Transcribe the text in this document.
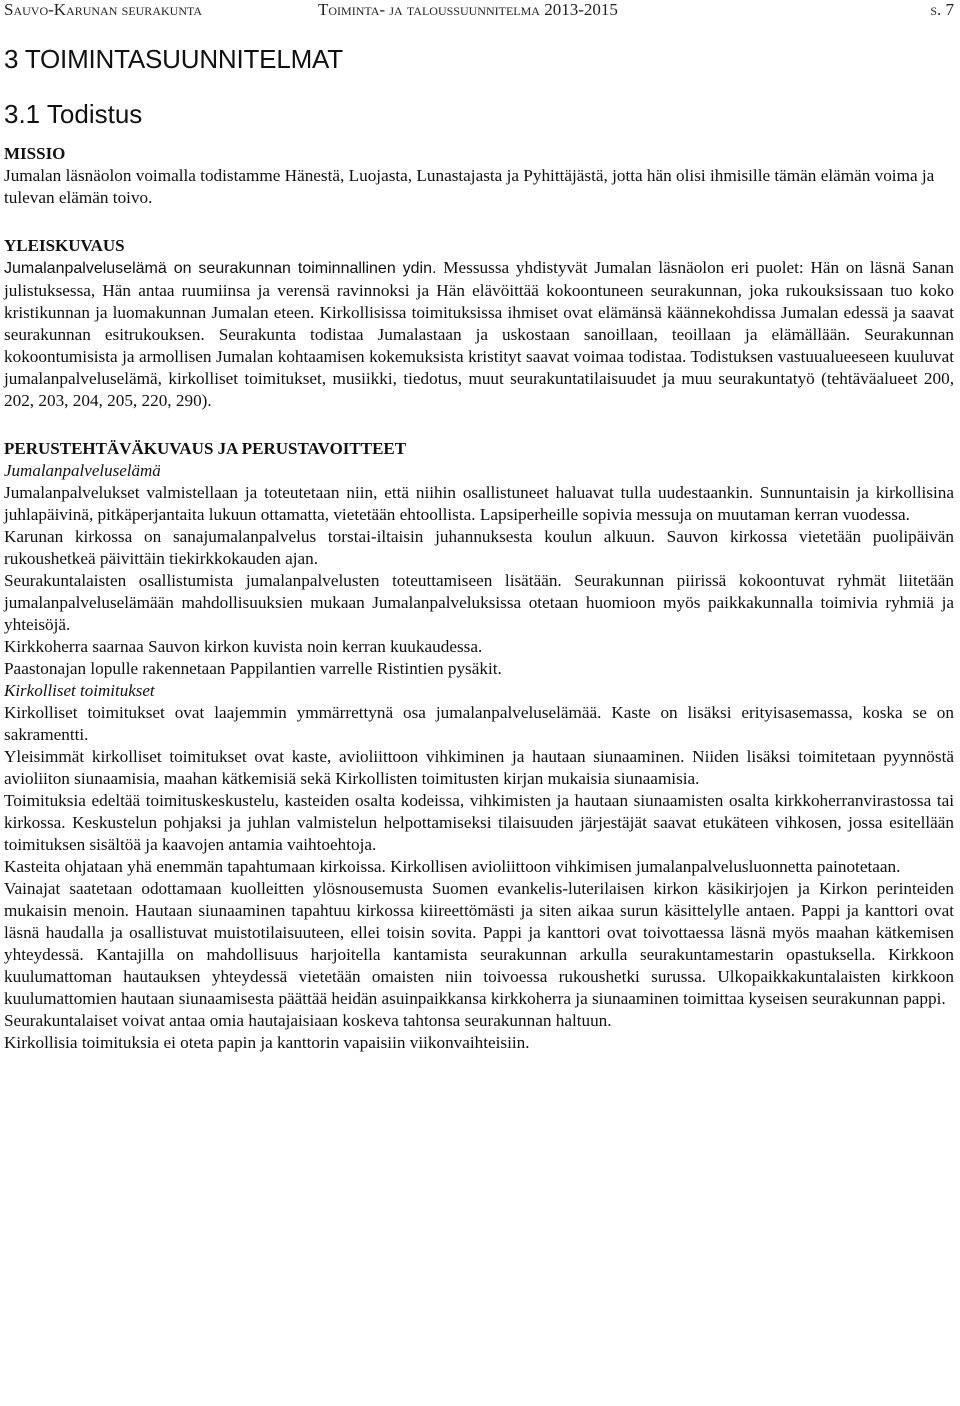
Sauvo-Karunan seurakunta	Toiminta- ja taloussuunnitelma 2013-2015	s. 7
3 TOIMINTASUUNNITELMAT
3.1 Todistus

MISSIO

Jumalan läsnäolon voimalla todistamme Hänestä, Luojasta, Lunastajasta ja Pyhittäjästä, jotta hän olisi ihmisille tämän elämän voima ja tulevan elämän toivo.

YLEISKUVAUS

Jumalanpalveluselämä on seurakunnan toiminnallinen ydin. Messussa yhdistyvät Jumalan läsnäolon eri puolet: Hän on läsnä Sanan julistuksessa, Hän antaa ruumiinsa ja verensä ravinnoksi ja Hän elävöittää kokoontuneen seurakunnan, joka rukouksissaan tuo koko kristikunnan ja luomakunnan Jumalan eteen. Kirkollisissa toimituksissa ihmiset ovat elämänsä käännekohdissa Jumalan edessä ja saavat seurakunnan esitrukouksen. Seurakunta todistaa Jumalastaan ja uskostaan sanoillaan, teoillaan ja elämällään. Seurakunnan kokoontumisista ja armollisen Jumalan kohtaamisen kokemuksista kristityt saavat voimaa todistaa. Todistuksen vastuualueeseen kuuluvat jumalanpalveluselämä, kirkolliset toimitukset, musiikki, tiedotus, muut seurakuntatilaisuudet ja muu seurakuntatyö (tehtäväalueet 200, 202, 203, 204, 205, 220, 290).

PERUSTEHTÄVÄKUVAUS JA PERUSTAVOITTEET

Jumalanpalveluselämä

Jumalanpalvelukset valmistellaan ja toteutetaan niin, että niihin osallistuneet haluavat tulla uudestaankin. Sunnuntaisin ja kirkollisina juhlapäivinä, pitkäperjantaita lukuun ottamatta, vietetään ehtoollista. Lapsiperheille sopivia messuja on muutaman kerran vuodessa.

Karunan kirkossa on sanajumalanpalvelus torstai-iltaisin juhannuksesta koulun alkuun. Sauvon kirkossa vietetään puolipäivän rukoushetkeä päivittäin tiekirkkokauden ajan.

Seurakuntalaisten osallistumista jumalanpalvelusten toteuttamiseen lisätään. Seurakunnan piirissä kokoontuvat ryhmät liitetään jumalanpalveluselämään mahdollisuuksien mukaan Jumalanpalveluksissa otetaan huomioon myös paikkakunnalla toimivia ryhmiä ja yhteisöjä.

Kirkkoherra saarnaa Sauvon kirkon kuvista noin kerran kuukaudessa.

Paastonajan lopulle rakennetaan Pappilantien varrelle Ristintien pysäkit.

Kirkolliset toimitukset

Kirkolliset toimitukset ovat laajemmin ymmärrettynä osa jumalanpalveluselämää. Kaste on lisäksi erityisasemassa, koska se on sakramentti.

Yleisimmät kirkolliset toimitukset ovat kaste, avioliittoon vihkiminen ja hautaan siunaaminen. Niiden lisäksi toimitetaan pyynnöstä avioliiton siunaamisia, maahan kätkemisiä sekä Kirkollisten toimitusten kirjan mukaisia siunaamisia.

Toimituksia edeltää toimituskeskustelu, kasteiden osalta kodeissa, vihkimisten ja hautaan siunaamisten osalta kirkkoherranvirastossa tai kirkossa. Keskustelun pohjaksi ja juhlan valmistelun helpottamiseksi tilaisuuden järjestäjät saavat etukäteen vihkosen, jossa esitellään toimituksen sisältöä ja kaavojen antamia vaihtoehtoja.

Kasteita ohjataan yhä enemmän tapahtumaan kirkoissa. Kirkollisen avioliittoon vihkimisen jumalanpalvelusluonnetta painotetaan.

Vainajat saatetaan odottamaan kuolleitten ylösnousemusta Suomen evankelis-luterilaisen kirkon käsikirjojen ja Kirkon perinteiden mukaisin menoin. Hautaan siunaaminen tapahtuu kirkossa kiireettömästi ja siten aikaa surun käsittelylle antaen. Pappi ja kanttori ovat läsnä haudalla ja osallistuvat muistotilaisuuteen, ellei toisin sovita. Pappi ja kanttori ovat toivottaessa läsnä myös maahan kätkemisen yhteydessä. Kantajilla on mahdollisuus harjoitella kantamista seurakunnan arkulla seurakuntamestarin opastuksella. Kirkkoon kuulumattoman hautauksen yhteydessä vietetään omaisten niin toivoessa rukoushetki surussa. Ulkopaikkakuntalaisten kirkkoon kuulumattomien hautaan siunaamisesta päättää heidän asuinpaikkansa kirkkoherra ja siunaaminen toimittaa kyseisen seurakunnan pappi.

Seurakuntalaiset voivat antaa omia hautajaisiaan koskeva tahtonsa seurakunnan haltuun.

Kirkollisia toimituksia ei oteta papin ja kanttorin vapaisiin viikonvaihteisiin.
